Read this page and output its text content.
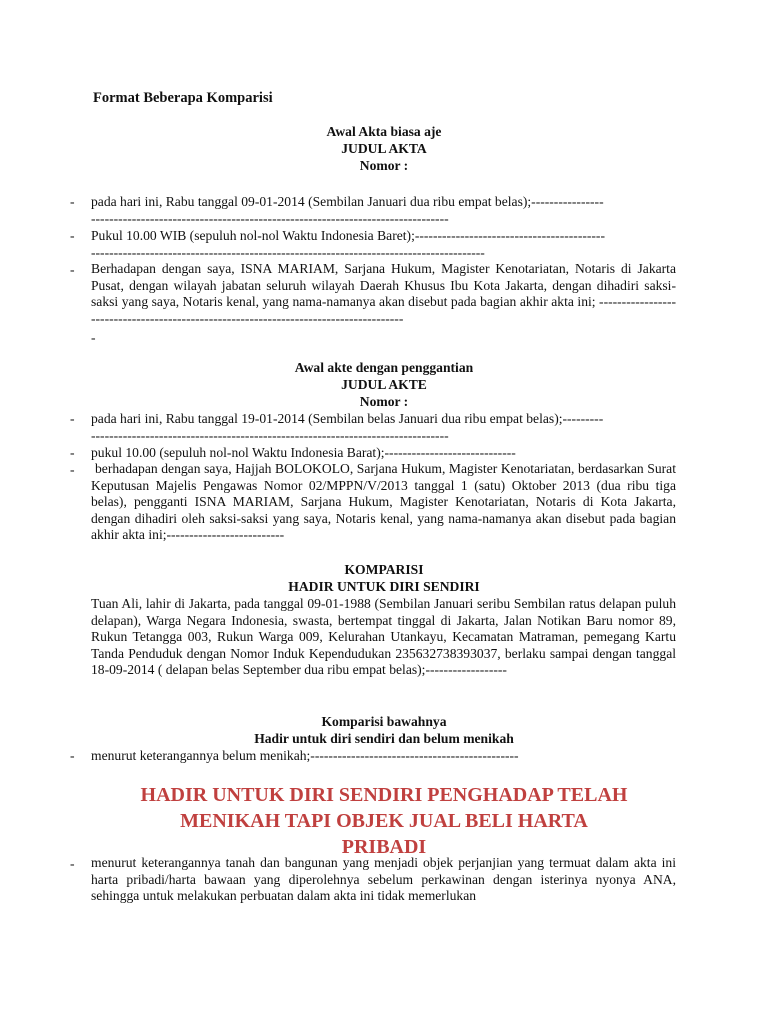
Format Beberapa Komparisi
Awal Akta biasa aje
JUDUL AKTA
Nomor :
- pada hari ini, Rabu tanggal 09-01-2014 (Sembilan Januari dua ribu empat belas);----------------
-------------------------------------------------------------------------------
- Pukul 10.00 WIB (sepuluh nol-nol Waktu Indonesia Baret);------------------------------------------
---------------------------------------------------------------------------------------
- Berhadapan dengan saya, ISNA MARIAM, Sarjana Hukum, Magister Kenotariatan, Notaris di Jakarta Pusat, dengan wilayah jabatan seluruh wilayah Daerah Khusus Ibu Kota Jakarta, dengan dihadiri saksi-saksi yang saya, Notaris kenal, yang nama-namanya akan disebut pada bagian akhir akta ini; --------------------------------------------------------------------------------------
-
Awal akte dengan penggantian
JUDUL AKTE
Nomor :
- pada hari ini, Rabu tanggal 19-01-2014 (Sembilan belas Januari dua ribu empat belas);---------
-------------------------------------------------------------------------------
- pukul 10.00 (sepuluh nol-nol Waktu Indonesia Barat);-----------------------------
- berhadapan dengan saya, Hajjah BOLOKOLO, Sarjana Hukum, Magister Kenotariatan, berdasarkan Surat Keputusan Majelis Pengawas Nomor 02/MPPN/V/2013 tanggal 1 (satu) Oktober 2013 (dua ribu tiga belas), pengganti ISNA MARIAM, Sarjana Hukum, Magister Kenotariatan, Notaris di Kota Jakarta, dengan dihadiri oleh saksi-saksi yang saya, Notaris kenal, yang nama-namanya akan disebut pada bagian akhir akta ini;--------------------------
KOMPARISI
HADIR UNTUK DIRI SENDIRI
Tuan Ali, lahir di Jakarta, pada tanggal 09-01-1988 (Sembilan Januari seribu Sembilan ratus delapan puluh delapan), Warga Negara Indonesia, swasta, bertempat tinggal di Jakarta, Jalan Notikan Baru nomor 89, Rukun Tetangga 003, Rukun Warga 009, Kelurahan Utankayu, Kecamatan Matraman, pemegang Kartu Tanda Penduduk dengan Nomor Induk Kependudukan 235632738393037, berlaku sampai dengan tanggal 18-09-2014 ( delapan belas September dua ribu empat belas);------------------
Komparisi bawahnya
Hadir untuk diri sendiri dan belum menikah
- menurut keterangannya belum menikah;----------------------------------------------
HADIR UNTUK DIRI SENDIRI PENGHADAP TELAH
MENIKAH TAPI OBJEK JUAL BELI HARTA
PRIBADI
- menurut keterangannya tanah dan bangunan yang menjadi objek perjanjian yang termuat dalam akta ini harta pribadi/harta bawaan yang diperolehnya sebelum perkawinan dengan isterinya nyonya ANA, sehingga untuk melakukan perbuatan dalam akta ini tidak memerlukan
